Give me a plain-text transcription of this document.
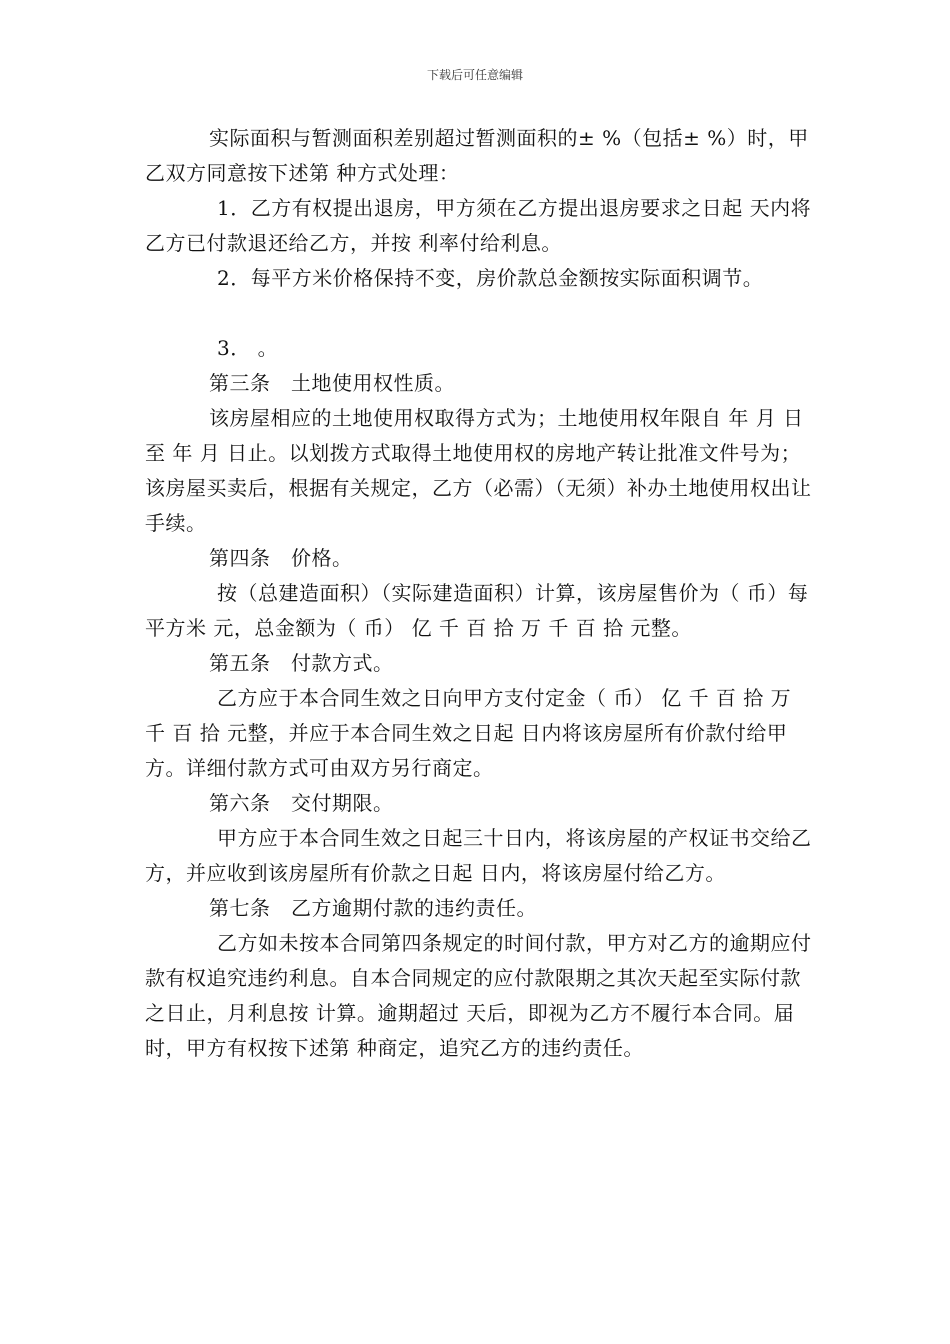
下载后可任意编辑

实际面积与暂测面积差别超过暂测面积的± %（包括± %）时，甲乙双方同意按下述第 种方式处理：

1．乙方有权提出退房，甲方须在乙方提出退房要求之日起 天内将乙方已付款退还给乙方，并按 利率付给利息。

2．每平方米价格保持不变，房价款总金额按实际面积调节。

3． 。

第三条　土地使用权性质。

该房屋相应的土地使用权取得方式为；土地使用权年限自 年 月 日至 年 月 日止。以划拨方式取得土地使用权的房地产转让批准文件号为；该房屋买卖后，根据有关规定，乙方（必需）（无须）补办土地使用权出让手续。

第四条　价格。

按（总建造面积）（实际建造面积）计算，该房屋售价为（ 币）每平方米 元，总金额为（ 币） 亿 千 百 拾 万 千 百 拾 元整。

第五条　付款方式。

乙方应于本合同生效之日向甲方支付定金（ 币） 亿 千 百 拾 万 千 百 拾 元整，并应于本合同生效之日起 日内将该房屋所有价款付给甲方。详细付款方式可由双方另行商定。

第六条　交付期限。

甲方应于本合同生效之日起三十日内，将该房屋的产权证书交给乙方，并应收到该房屋所有价款之日起 日内，将该房屋付给乙方。

第七条　乙方逾期付款的违约责任。

乙方如未按本合同第四条规定的时间付款，甲方对乙方的逾期应付款有权追究违约利息。自本合同规定的应付款限期之其次天起至实际付款之日止，月利息按 计算。逾期超过 天后，即视为乙方不履行本合同。届时，甲方有权按下述第 种商定，追究乙方的违约责任。
